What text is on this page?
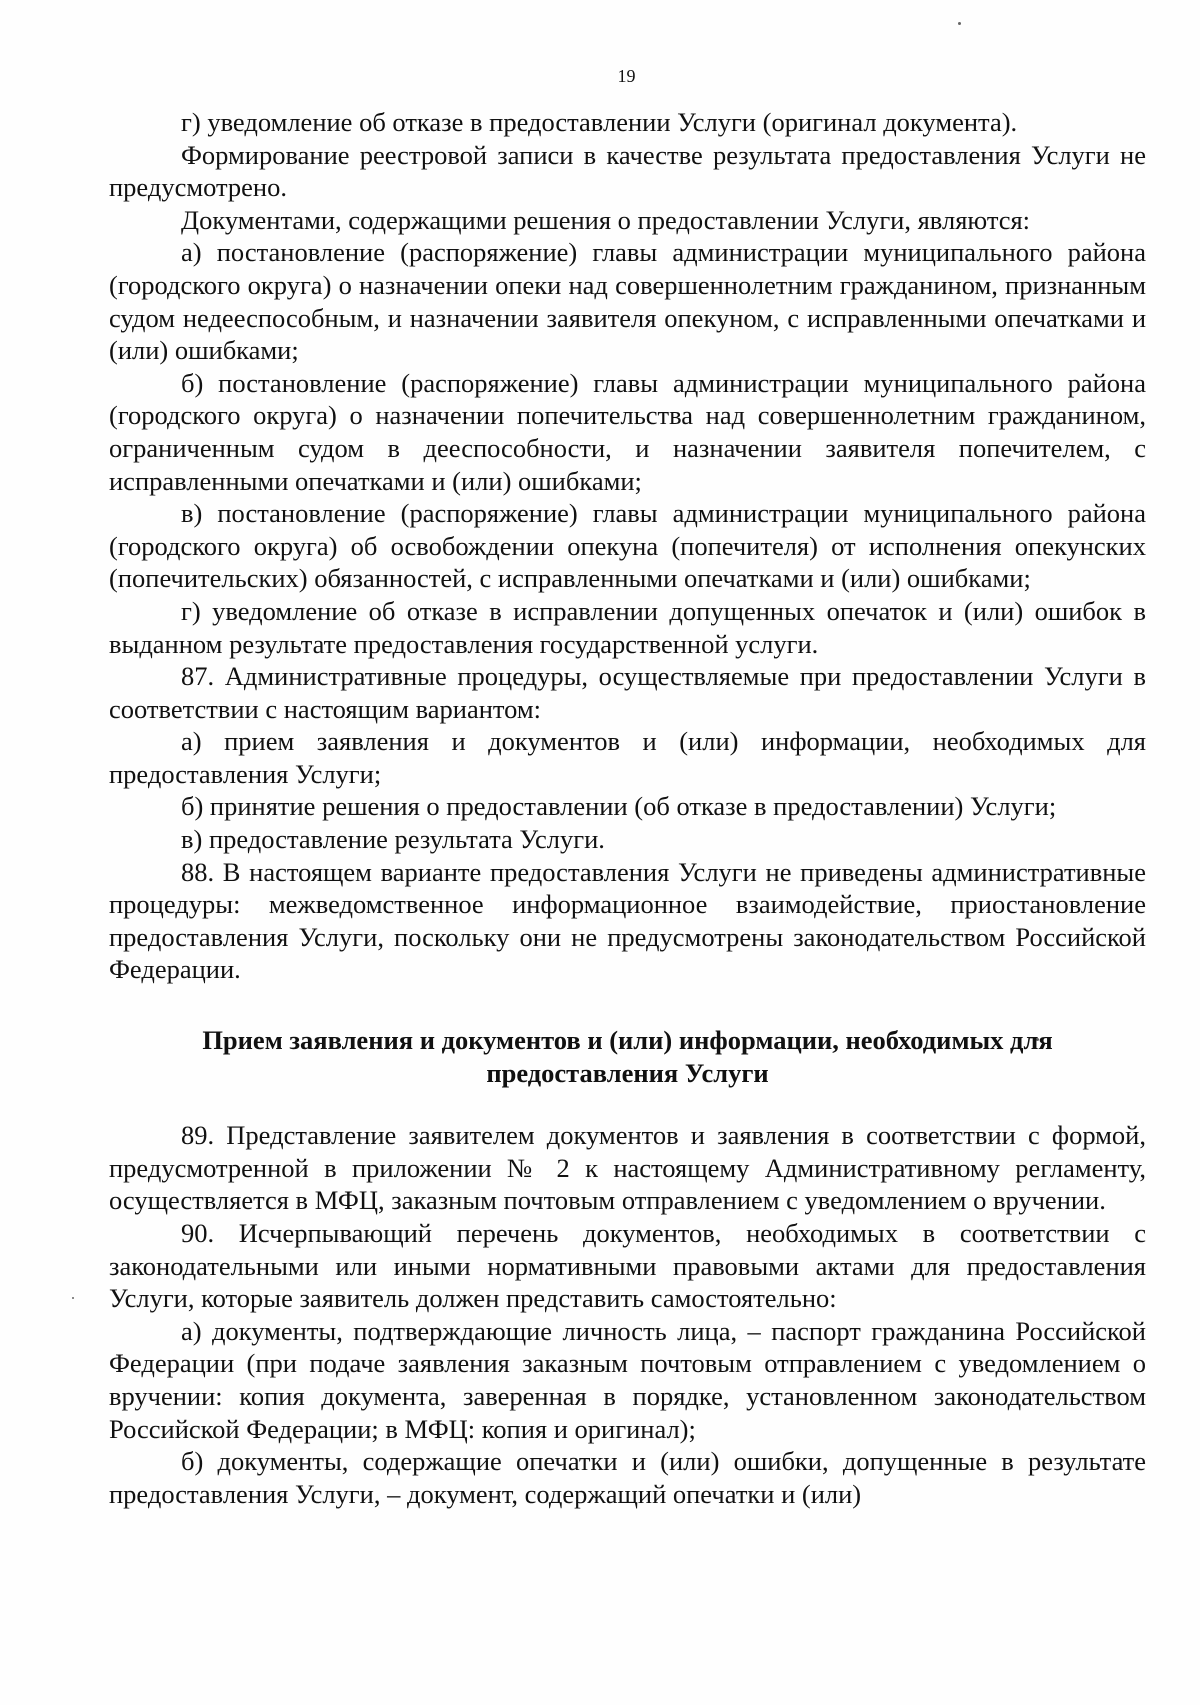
19

г) уведомление об отказе в предоставлении Услуги (оригинал документа).

Формирование реестровой записи в качестве результата предоставления Услуги не предусмотрено.

Документами, содержащими решения о предоставлении Услуги, являются:

а) постановление (распоряжение) главы администрации муниципального района (городского округа) о назначении опеки над совершеннолетним гражданином, признанным судом недееспособным, и назначении заявителя опекуном, с исправленными опечатками и (или) ошибками;

б) постановление (распоряжение) главы администрации муниципального района (городского округа) о назначении попечительства над совершеннолетним гражданином, ограниченным судом в дееспособности, и назначении заявителя попечителем, с исправленными опечатками и (или) ошибками;

в) постановление (распоряжение) главы администрации муниципального района (городского округа) об освобождении опекуна (попечителя) от исполнения опекунских (попечительских) обязанностей, с исправленными опечатками и (или) ошибками;

г) уведомление об отказе в исправлении допущенных опечаток и (или) ошибок в выданном результате предоставления государственной услуги.

87. Административные процедуры, осуществляемые при предоставлении Услуги в соответствии с настоящим вариантом:

а) прием заявления и документов и (или) информации, необходимых для предоставления Услуги;

б) принятие решения о предоставлении (об отказе в предоставлении) Услуги;

в) предоставление результата Услуги.

88. В настоящем варианте предоставления Услуги не приведены административные процедуры: межведомственное информационное взаимодействие, приостановление предоставления Услуги, поскольку они не предусмотрены законодательством Российской Федерации.

Прием заявления и документов и (или) информации, необходимых для предоставления Услуги

89. Представление заявителем документов и заявления в соответствии с формой, предусмотренной в приложении № 2 к настоящему Административному регламенту, осуществляется в МФЦ, заказным почтовым отправлением с уведомлением о вручении.

90. Исчерпывающий перечень документов, необходимых в соответствии с законодательными или иными нормативными правовыми актами для предоставления Услуги, которые заявитель должен представить самостоятельно:

а) документы, подтверждающие личность лица, – паспорт гражданина Российской Федерации (при подаче заявления заказным почтовым отправлением с уведомлением о вручении: копия документа, заверенная в порядке, установленном законодательством Российской Федерации; в МФЦ: копия и оригинал);

б) документы, содержащие опечатки и (или) ошибки, допущенные в результате предоставления Услуги, – документ, содержащий опечатки и (или)
